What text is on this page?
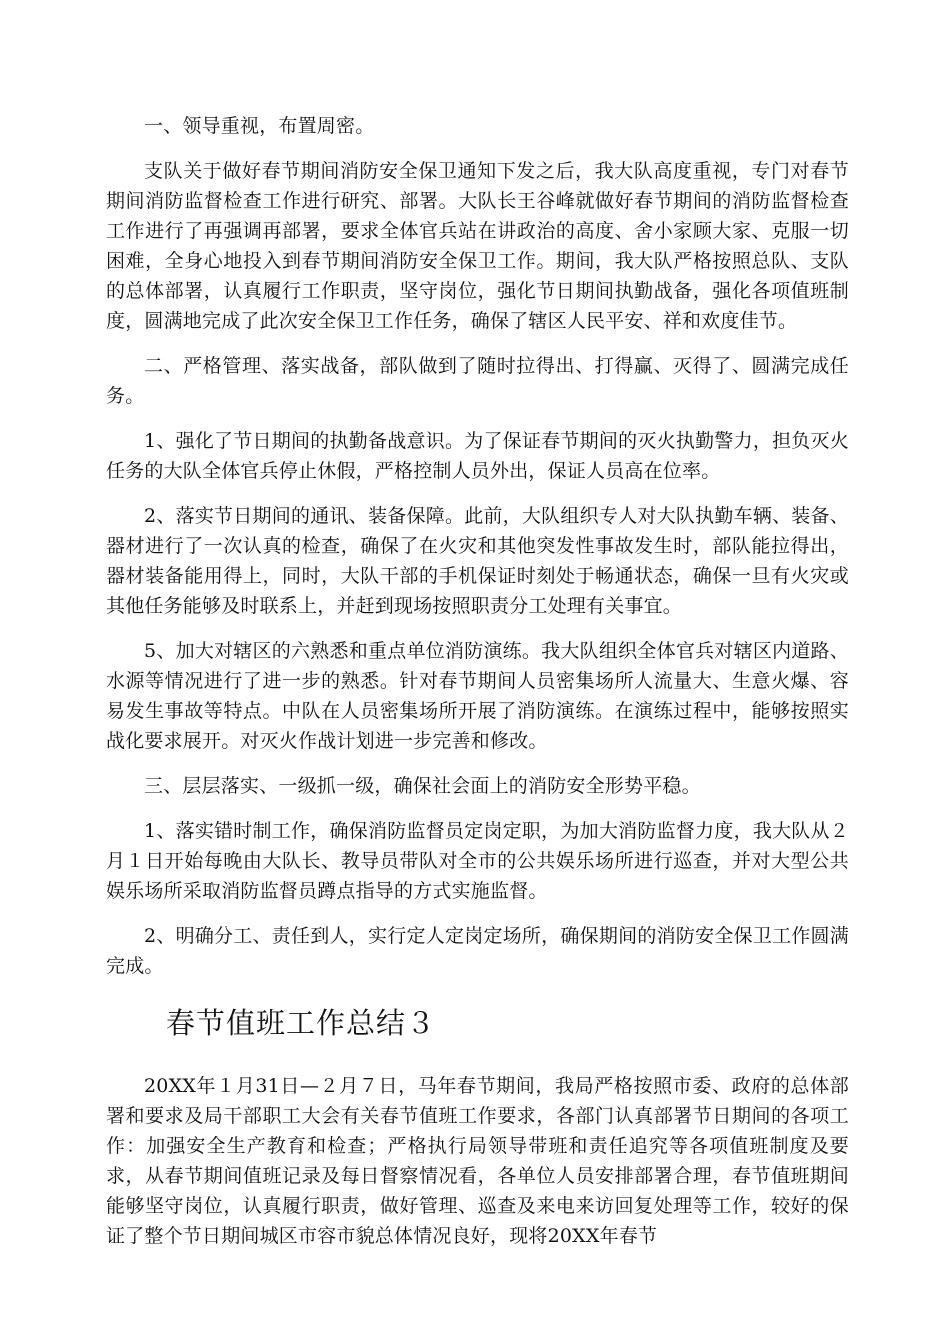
一、领导重视，布置周密。

支队关于做好春节期间消防安全保卫通知下发之后，我大队高度重视，专门对春节期间消防监督检查工作进行研究、部署。大队长王谷峰就做好春节期间的消防监督检查工作进行了再强调再部署，要求全体官兵站在讲政治的高度、舍小家顾大家、克服一切困难，全身心地投入到春节期间消防安全保卫工作。期间，我大队严格按照总队、支队的总体部署，认真履行工作职责，坚守岗位，强化节日期间执勤战备，强化各项值班制度，圆满地完成了此次安全保卫工作任务，确保了辖区人民平安、祥和欢度佳节。

二、严格管理、落实战备，部队做到了随时拉得出、打得赢、灭得了、圆满完成任务。

1、强化了节日期间的执勤备战意识。为了保证春节期间的灭火执勤警力，担负灭火任务的大队全体官兵停止休假，严格控制人员外出，保证人员高在位率。

2、落实节日期间的通讯、装备保障。此前，大队组织专人对大队执勤车辆、装备、器材进行了一次认真的检查，确保了在火灾和其他突发性事故发生时，部队能拉得出，器材装备能用得上，同时，大队干部的手机保证时刻处于畅通状态，确保一旦有火灾或其他任务能够及时联系上，并赶到现场按照职责分工处理有关事宜。

5、加大对辖区的六熟悉和重点单位消防演练。我大队组织全体官兵对辖区内道路、水源等情况进行了进一步的熟悉。针对春节期间人员密集场所人流量大、生意火爆、容易发生事故等特点。中队在人员密集场所开展了消防演练。在演练过程中，能够按照实战化要求展开。对灭火作战计划进一步完善和修改。

三、层层落实、一级抓一级，确保社会面上的消防安全形势平稳。

1、落实错时制工作，确保消防监督员定岗定职，为加大消防监督力度，我大队从２月１日开始每晚由大队长、教导员带队对全市的公共娱乐场所进行巡查，并对大型公共娱乐场所采取消防监督员蹲点指导的方式实施监督。

2、明确分工、责任到人，实行定人定岗定场所，确保期间的消防安全保卫工作圆满完成。

春节值班工作总结３

20XX年１月31日—２月７日，马年春节期间，我局严格按照市委、政府的总体部署和要求及局干部职工大会有关春节值班工作要求，各部门认真部署节日期间的各项工作：加强安全生产教育和检查；严格执行局领导带班和责任追究等各项值班制度及要求，从春节期间值班记录及每日督察情况看，各单位人员安排部署合理，春节值班期间能够坚守岗位，认真履行职责，做好管理、巡查及来电来访回复处理等工作，较好的保证了整个节日期间城区市容市貌总体情况良好，现将20XX年春节
